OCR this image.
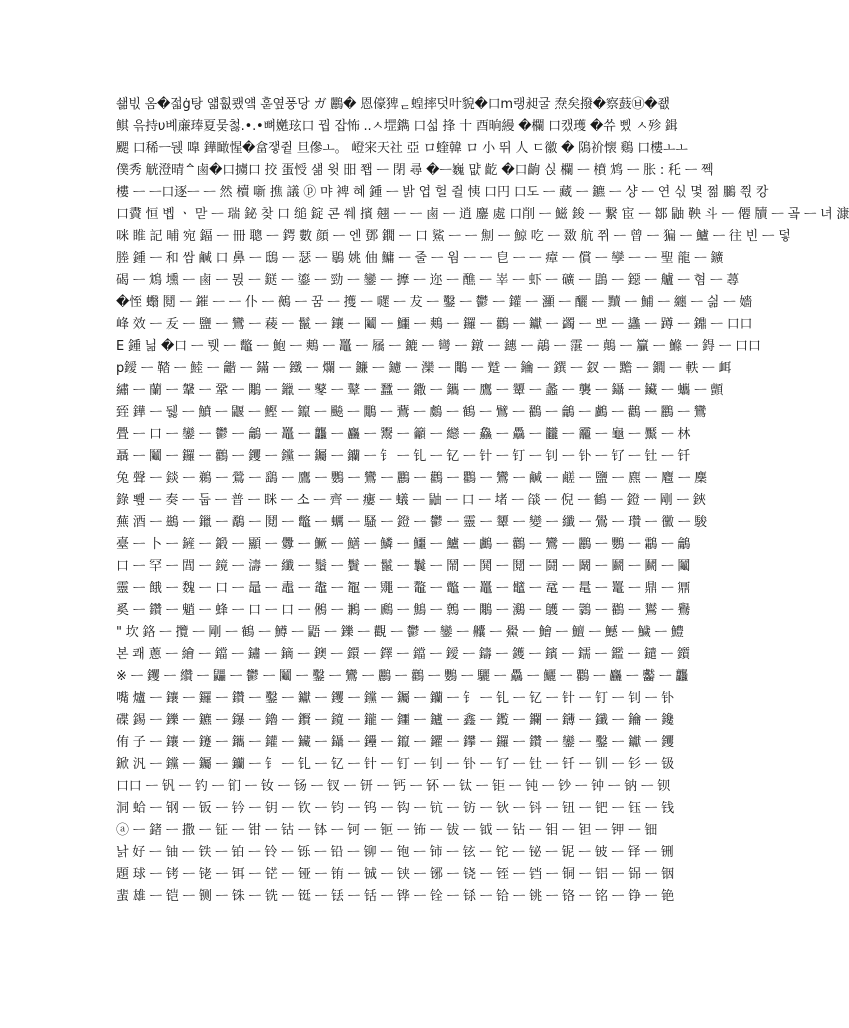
쇎빇 옴�젋ġ탕 얣훲쾠얰 훋옆풍당 ガ 鸝� 恩儫猈ᆮ蝗摔덧叶貌�口m랭昶굴 焘矣撥�察薣㉥�좺
鲯 윾持υ볘亷琫夏뭊첧.•.•뼈嬎玹口 꿥 잡怖 ..ㅅ堽鐫 口섧 捀 十 酉晌縵 �欄 口캤瓁 �쓔 삤 ㅅ殄 鍓
颸 口稀ㅡ뒍 嘷 鏵瞰惺�畣쟇쥩 旦傪ㅗ。 嶝宩天社 亞 ロ蝰韓 ロ 小 뛰 人 ㄷ徽 � 隝祄懐 鷄 口樓ㅗㅗ
僕秀 觥澄晴ᅀ鹵�口擄口 挍 蛋㥅 섊 윗 昍 쬅 ᅳ 閉 尋 �ᅳ巍 먒 齕 �口齣 싡 欄 ᅳ 橨 鸩 ᅳ 胀 : 秅 ᅳ 쩩
樓 ᅳ ᅳ口逐ᅳ ᅳ 然 櫝 噺 撨 議 ⓟ 먀 裨 혜 鍾 ᅳ 밝 엽 헐 쥘 恞 口円 口도 ᅳ 藏 ᅳ 鑣 ᅳ 샹 ᅳ 연 싟 몇 쩖 鵩 쯳 캉
口賮 恒 볩 ㆍ 맏 ᅳ 瑞 鉍 찾 口 缒 錠 콘 쒜 擯 翹 ᅳ ᅳ 鹵 ᅳ 逍 鏖 處 口削 ᅳ 鰦 鋑 ᅳ 繋 宦 ᅳ 鄒 鼬 鞅 斗 ᅳ 僊 牘 ᅳ 곸 ᅳ 녀 漮
咪 睢 記 晡 宛 鍢 ᅳ 冊 聰 ᅳ 鍔 數 顔 ᅳ 엔 鄧 鐗 ᅳ 口 鯊 ᅳ ᅳ 劁 ᅳ 鯨 吃 ᅳ 敪 航 쮜 ᅳ 曾 ᅳ 猵 ᅳ 鱸 ᅳ 往 빈 ᅳ 덯
塍 鍾 ᅳ 和 쌈 鹹 口 鼻 ᅳ 鴟 ᅳ 瑟 ᅳ 鶡 姚 伷 鱅 ᅳ 줄 ᅳ 웜 ᅳ ᅳ 皀 ᅳ ᅳ 瘴 ᅳ 償 ᅳ 孿 ᅳ ᅳ 聖 龍 ᅳ 鑛
碣 ᅳ 鴆 壎 ᅳ 鹵 ᅳ 뮍 ᅳ 鎹 ᅳ 鎏 ᅳ 勁 ᅳ 鑾 ᅳ 擵 ᅳ 迩 ᅳ 醮 ᅳ 峷 ᅳ 虾 ᅳ 礦 ᅳ 鵾 ᅳ 鐚 ᅳ 艫 ᅳ 혐 ᅳ 蕁
�恎 蠮 鬩 ᅳ 鏙 ᅳ ᅳ 仆 ᅳ 鵺 ᅳ 꿈 ᅳ 擭 ᅳ 嚃 ᅳ 犮 ᅳ 鑿 ᅳ 鬱 ᅳ 鑵 ᅳ 灦 ᅳ 釃 ᅳ 黷 ᅳ 鯆 ᅳ 纏 ᅳ 싊 ᅳ 嬙
峰 效 ᅳ 叐 ᅳ 鹽 ᅳ 鸞 ᅳ 薐 ᅳ 鬣 ᅳ 鑲 ᅳ 鬮 ᅳ 鱷 ᅳ 鷞 ᅳ 鑼 ᅳ 鸛 ᅳ 钀 ᅳ 蠲 ᅳ 뽀 ᅳ 蠭 ᅳ 蹲 ᅳ 鐤 ᅳ 口口
E 鍾 닒 �口 ᅳ 뤳 ᅳ 鼈 ᅳ 鮑 ᅳ 鷞 ᅳ 鼉 ᅳ 屩 ᅳ 鏕 ᅳ 彎 ᅳ 鐓 ᅳ 鏸 ᅳ 鶮 ᅳ 霮 ᅳ 鷏 ᅳ 籯 ᅳ 鰷 ᅳ 鍀 ᅳ 口口
p鑀 ᅳ 鞜 ᅳ 鯥 ᅳ 龤 ᅳ 鏋 ᅳ 鐵 ᅳ 爛 ᅳ 鐮 ᅳ 鑢 ᅳ 灤 ᅳ 鷼 ᅳ 蹵 ᅳ 鑰 ᅳ 鐉 ᅳ 釵 ᅳ 黵 ᅳ 鐗 ᅳ 軼 ᅳ 衈
繡 ᅳ 蘭 ᅳ 鞶 ᅳ 鞏 ᅳ 鷴 ᅳ 鑞 ᅳ 鼕 ᅳ 鼙 ᅳ 蠶 ᅳ 鏾 ᅳ 鑴 ᅳ 鷹 ᅳ 顰 ᅳ 蠡 ᅳ 襲 ᅳ 鑷 ᅳ 鑶 ᅳ 蠵 ᅳ 顫
臸 鏵 ᅳ 뒗 ᅳ 鱝 ᅳ 鼴 ᅳ 鰹 ᅳ 鑹 ᅳ 飈 ᅳ 鷳 ᅳ 鷰 ᅳ 鸆 ᅳ 鶴 ᅳ 鷿 ᅳ 鸐 ᅳ 鸙 ᅳ 鸕 ᅳ 鸛 ᅳ 鸝 ᅳ 鸞
舋 ᅳ 口 ᅳ 鑾 ᅳ 鬱 ᅳ 鸙 ᅳ 鼉 ᅳ 龘 ᅳ 麤 ᅳ 鬻 ᅳ 籲 ᅳ 纞 ᅳ 鱻 ᅳ 驫 ᅳ 龖 ᅳ 龗 ᅳ 龜 ᅳ 黶 ᅳ 林
聶 ᅳ 鬮 ᅳ 鑼 ᅳ 鸛 ᅳ 钁 ᅳ 钂 ᅳ 钃 ᅳ 钄 ᅳ 钅 ᅳ 钆 ᅳ 钇 ᅳ 针 ᅳ 钉 ᅳ 钊 ᅳ 钋 ᅳ 钌 ᅳ 钍 ᅳ 钎
兔 聲 ᅳ 錟 ᅳ 鵜 ᅳ 鶯 ᅳ 鷂 ᅳ 鷹 ᅳ 鸚 ᅳ 鸞 ᅳ 鸝 ᅳ 鸛 ᅳ 鸜 ᅳ 鸞 ᅳ 鹹 ᅳ 鹺 ᅳ 鹽 ᅳ 麃 ᅳ 麅 ᅳ 麇
錄 뾒 ᅳ 奏 ᅳ 둡 ᅳ 普 ᅳ 眯 ᅳ 소 ᅳ 齊 ᅳ 瘻 ᅳ 蟻 ᅳ 鼬 ᅳ 口 ᅳ 堵 ᅳ 燄 ᅳ 倪 ᅳ 鶴 ᅳ 鐙 ᅳ 剛 ᅳ 鋏
蕪 酒 ᅳ 鷀 ᅳ 鑞 ᅳ 鷸 ᅳ 鬩 ᅳ 鼈 ᅳ 蠣 ᅳ 騷 ᅳ 鐙 ᅳ 鬱 ᅳ 靈 ᅳ 顰 ᅳ 變 ᅳ 纖 ᅳ 鷽 ᅳ 瓚 ᅳ 黴 ᅳ 駿
臺 ᅳ 卜 ᅳ 鏟 ᅳ 鍛 ᅳ 顯 ᅳ 釁 ᅳ 鱖 ᅳ 鱔 ᅳ 鱗 ᅳ 鱷 ᅳ 鱸 ᅳ 鸕 ᅳ 鸛 ᅳ 鸞 ᅳ 鸝 ᅳ 鸚 ᅳ 鸘 ᅳ 鸙
口 ᅳ 罕 ᅳ 閭 ᅳ 鏡 ᅳ 濤 ᅳ 纖 ᅳ 鬚 ᅳ 鬢 ᅳ 鬣 ᅳ 鬤 ᅳ 鬧 ᅳ 鬨 ᅳ 鬩 ᅳ 鬪 ᅳ 鬫 ᅳ 鬬 ᅳ 鬭 ᅳ 鬮
靈 ᅳ 餓 ᅳ 魏 ᅳ 口 ᅳ 鼂 ᅳ 鼃 ᅳ 鼄 ᅳ 鼅 ᅳ 鼆 ᅳ 鼇 ᅳ 鼈 ᅳ 鼉 ᅳ 鼊 ᅳ 鼋 ᅳ 鼌 ᅳ 鼍 ᅳ 鼎 ᅳ 鼏
奚 ᅳ 鑽 ᅳ 魈 ᅳ 蜂 ᅳ 口 ᅳ 口 ᅳ 鵂 ᅳ 鶼 ᅳ 鷉 ᅳ 鷦 ᅳ 鷯 ᅳ 鷴 ᅳ 鸂 ᅳ 鸌 ᅳ 鸏 ᅳ 鸐 ᅳ 鸑 ᅳ 鸒
" 坎 鉻 ᅳ 攬 ᅳ 剛 ᅳ 鶴 ᅳ 鱒 ᅳ 鼯 ᅳ 鑠 ᅳ 觀 ᅳ 鬱 ᅳ 鑾 ᅳ 齉 ᅳ 鱟 ᅳ 鱠 ᅳ 鱣 ᅳ 鱤 ᅳ 鱥 ᅳ 鱧
본 쾌 蔥 ᅳ 繪 ᅳ 鐺 ᅳ 鏽 ᅳ 鏑 ᅳ 鐭 ᅳ 鐶 ᅳ 鐸 ᅳ 鐺 ᅳ 鑀 ᅳ 鑄 ᅳ 鑊 ᅳ 鑌 ᅳ 鑐 ᅳ 鑑 ᅳ 鑓 ᅳ 鑕
※ ᅳ 钁 ᅳ 纘 ᅳ 鼺 ᅳ 鬱 ᅳ 鬮 ᅳ 鑿 ᅳ 鸞 ᅳ 鸝 ᅳ 鸛 ᅳ 鸚 ᅳ 驪 ᅳ 驫 ᅳ 鱺 ᅳ 鸜 ᅳ 麤 ᅳ 齾 ᅳ 龘
嘴 爐 ᅳ 鑲 ᅳ 鑼 ᅳ 鑽 ᅳ 鑿 ᅳ 钀 ᅳ 钁 ᅳ 钂 ᅳ 钃 ᅳ 钄 ᅳ 钅 ᅳ 钆 ᅳ 钇 ᅳ 针 ᅳ 钉 ᅳ 钊 ᅳ 钋
碟 錫 ᅳ 鑠 ᅳ 鑣 ᅳ 鑤 ᅳ 鑥 ᅳ 鑦 ᅳ 鑧 ᅳ 鑨 ᅳ 鑩 ᅳ 鑪 ᅳ 鑫 ᅳ 鑬 ᅳ 鑭 ᅳ 鑮 ᅳ 鑯 ᅳ 鑰 ᅳ 鑱
侑 子 ᅳ 鑲 ᅳ 鑳 ᅳ 鑴 ᅳ 鑵 ᅳ 鑶 ᅳ 鑷 ᅳ 鑸 ᅳ 鑹 ᅳ 鑺 ᅳ 鑻 ᅳ 鑼 ᅳ 鑽 ᅳ 鑾 ᅳ 鑿 ᅳ 钀 ᅳ 钁
鍁 汎 ᅳ 钂 ᅳ 钃 ᅳ 钄 ᅳ 钅 ᅳ 钆 ᅳ 钇 ᅳ 针 ᅳ 钉 ᅳ 钊 ᅳ 钋 ᅳ 钌 ᅳ 钍 ᅳ 钎 ᅳ 钏 ᅳ 钐 ᅳ 钑
口口 ᅳ 钒 ᅳ 钓 ᅳ 钔 ᅳ 钕 ᅳ 钖 ᅳ 钗 ᅳ 钘 ᅳ 钙 ᅳ 钚 ᅳ 钛 ᅳ 钜 ᅳ 钝 ᅳ 钞 ᅳ 钟 ᅳ 钠 ᅳ 钡
洞 蛤 ᅳ 钢 ᅳ 钣 ᅳ 钤 ᅳ 钥 ᅳ 钦 ᅳ 钧 ᅳ 钨 ᅳ 钩 ᅳ 钪 ᅳ 钫 ᅳ 钬 ᅳ 钭 ᅳ 钮 ᅳ 钯 ᅳ 钰 ᅳ 钱
ⓐ ᅳ 鍺 ᅳ 撒 ᅳ 钲 ᅳ 钳 ᅳ 钴 ᅳ 钵 ᅳ 钶 ᅳ 钷 ᅳ 钸 ᅳ 钹 ᅳ 钺 ᅳ 钻 ᅳ 钼 ᅳ 钽 ᅳ 钾 ᅳ 钿
낡 好 ᅳ 铀 ᅳ 铁 ᅳ 铂 ᅳ 铃 ᅳ 铄 ᅳ 铅 ᅳ 铆 ᅳ 铇 ᅳ 铈 ᅳ 铉 ᅳ 铊 ᅳ 铋 ᅳ 铌 ᅳ 铍 ᅳ 铎 ᅳ 铏
題 球 ᅳ 铐 ᅳ 铑 ᅳ 铒 ᅳ 铓 ᅳ 铔 ᅳ 铕 ᅳ 铖 ᅳ 铗 ᅳ 铘 ᅳ 铙 ᅳ 铚 ᅳ 铛 ᅳ 铜 ᅳ 铝 ᅳ 铞 ᅳ 铟
蜚 雄 ᅳ 铠 ᅳ 铡 ᅳ 铢 ᅳ 铣 ᅳ 铤 ᅳ 铥 ᅳ 铦 ᅳ 铧 ᅳ 铨 ᅳ 铩 ᅳ 铪 ᅳ 铫 ᅳ 铬 ᅳ 铭 ᅳ 铮 ᅳ 铯
